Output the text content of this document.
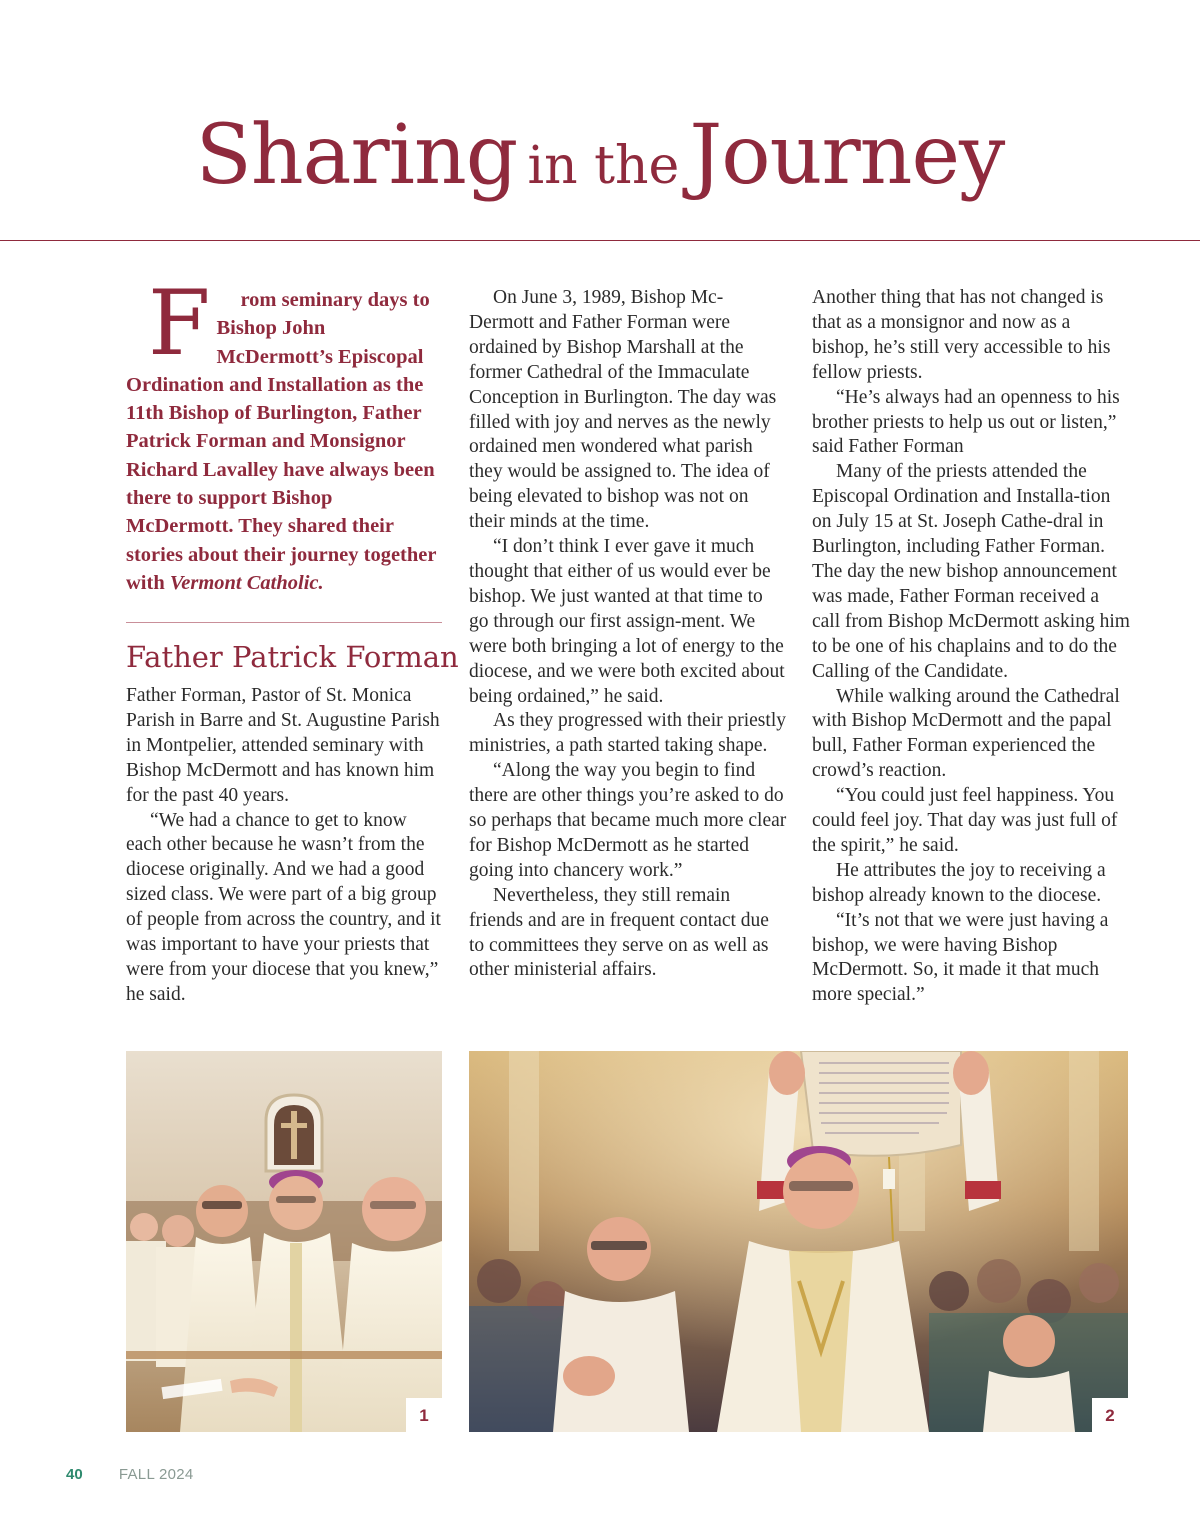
Sharing in the Journey

F rom seminary days to Bishop John McDermott’s Episcopal Ordination and Installation as the 11th Bishop of Burlington, Father Patrick Forman and Monsignor Richard Lavalley have always been there to support Bishop McDermott. They shared their stories about their journey together with Vermont Catholic.

Father Patrick Forman

Father Forman, Pastor of St. Monica Parish in Barre and St. Augustine Parish in Montpelier, attended seminary with Bishop McDermott and has known him for the past 40 years.

“We had a chance to get to know each other because he wasn’t from the diocese originally. And we had a good sized class. We were part of a big group of people from across the country, and it was important to have your priests that were from your diocese that you knew,” he said.

On June 3, 1989, Bishop Mc-Dermott and Father Forman were ordained by Bishop Marshall at the former Cathedral of the Immaculate Conception in Burlington. The day was filled with joy and nerves as the newly ordained men wondered what parish they would be assigned to. The idea of being elevated to bishop was not on their minds at the time.

“I don’t think I ever gave it much thought that either of us would ever be bishop. We just wanted at that time to go through our first assign-ment. We were both bringing a lot of energy to the diocese, and we were both excited about being ordained,” he said.

As they progressed with their priestly ministries, a path started taking shape.

“Along the way you begin to find there are other things you’re asked to do so perhaps that became much more clear for Bishop McDermott as he started going into chancery work.”

Nevertheless, they still remain friends and are in frequent contact due to committees they serve on as well as other ministerial affairs.

Another thing that has not changed is that as a monsignor and now as a bishop, he’s still very accessible to his fellow priests.

“He’s always had an openness to his brother priests to help us out or listen,” said Father Forman

Many of the priests attended the Episcopal Ordination and Installa-tion on July 15 at St. Joseph Cathe-dral in Burlington, including Father Forman. The day the new bishop announcement was made, Father Forman received a call from Bishop McDermott asking him to be one of his chaplains and to do the Calling of the Candidate.

While walking around the Cathedral with Bishop McDermott and the papal bull, Father Forman experienced the crowd’s reaction.

“You could just feel happiness. You could feel joy. That day was just full of the spirit,” he said.

He attributes the joy to receiving a bishop already known to the diocese.

“It’s not that we were just having a bishop, we were having Bishop McDermott. So, it made it that much more special.”

1	2
40 FALL 2024
